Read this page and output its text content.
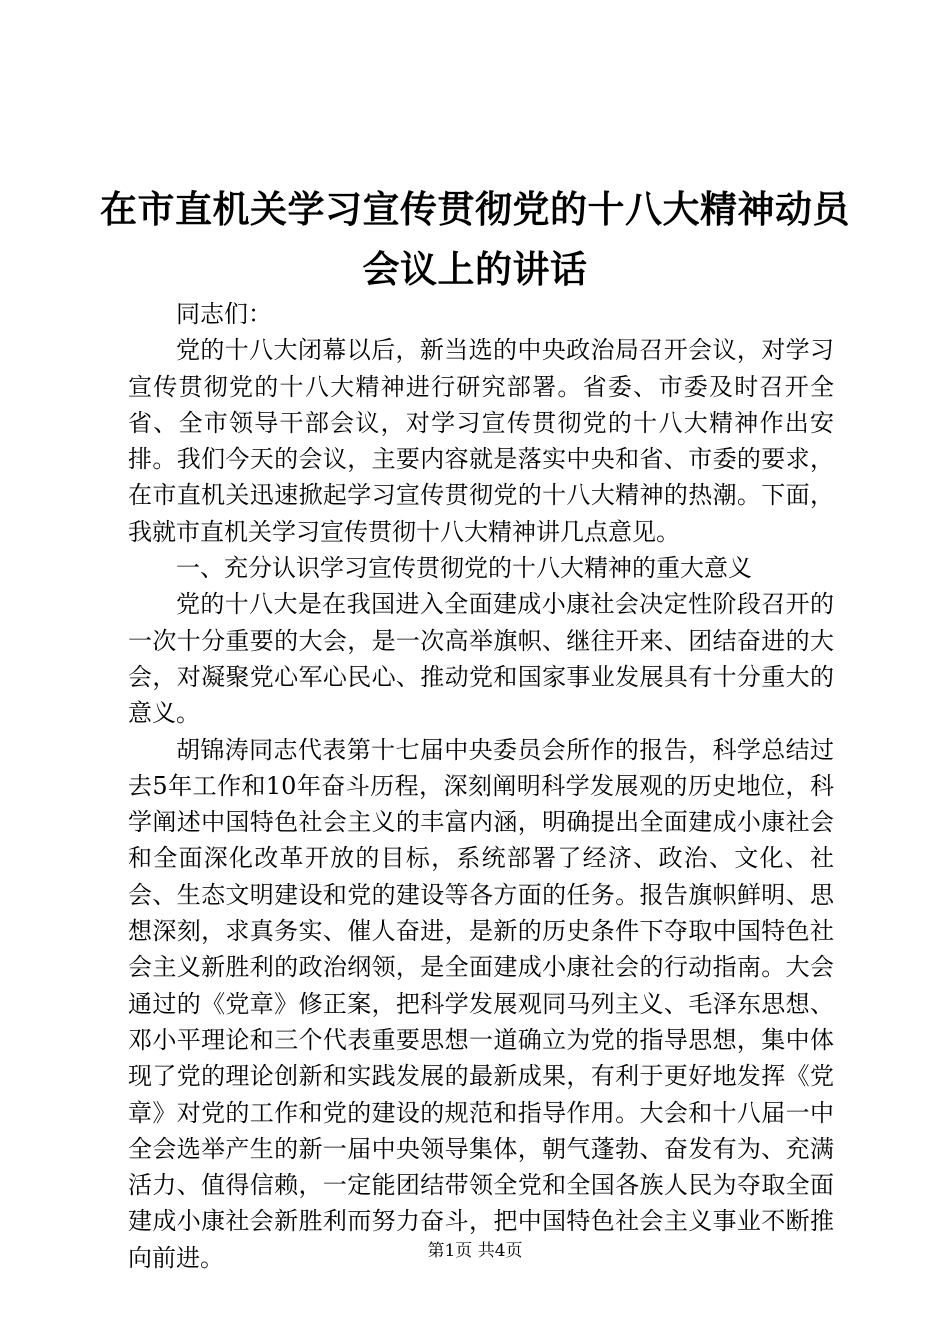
在市直机关学习宣传贯彻党的十八大精神动员
会议上的讲话

同志们：

党的十八大闭幕以后，新当选的中央政治局召开会议，对学习宣传贯彻党的十八大精神进行研究部署。省委、市委及时召开全省、全市领导干部会议，对学习宣传贯彻党的十八大精神作出安排。我们今天的会议，主要内容就是落实中央和省、市委的要求，在市直机关迅速掀起学习宣传贯彻党的十八大精神的热潮。下面，我就市直机关学习宣传贯彻十八大精神讲几点意见。

一、充分认识学习宣传贯彻党的十八大精神的重大意义

党的十八大是在我国进入全面建成小康社会决定性阶段召开的一次十分重要的大会，是一次高举旗帜、继往开来、团结奋进的大会，对凝聚党心军心民心、推动党和国家事业发展具有十分重大的意义。

胡锦涛同志代表第十七届中央委员会所作的报告，科学总结过去5年工作和10年奋斗历程，深刻阐明科学发展观的历史地位，科学阐述中国特色社会主义的丰富内涵，明确提出全面建成小康社会和全面深化改革开放的目标，系统部署了经济、政治、文化、社会、生态文明建设和党的建设等各方面的任务。报告旗帜鲜明、思想深刻，求真务实、催人奋进，是新的历史条件下夺取中国特色社会主义新胜利的政治纲领，是全面建成小康社会的行动指南。大会通过的《党章》修正案，把科学发展观同马列主义、毛泽东思想、邓小平理论和三个代表重要思想一道确立为党的指导思想，集中体现了党的理论创新和实践发展的最新成果，有利于更好地发挥《党章》对党的工作和党的建设的规范和指导作用。大会和十八届一中全会选举产生的新一届中央领导集体，朝气蓬勃、奋发有为、充满活力、值得信赖，一定能团结带领全党和全国各族人民为夺取全面建成小康社会新胜利而努力奋斗，把中国特色社会主义事业不断推向前进。	第1页 共4页
